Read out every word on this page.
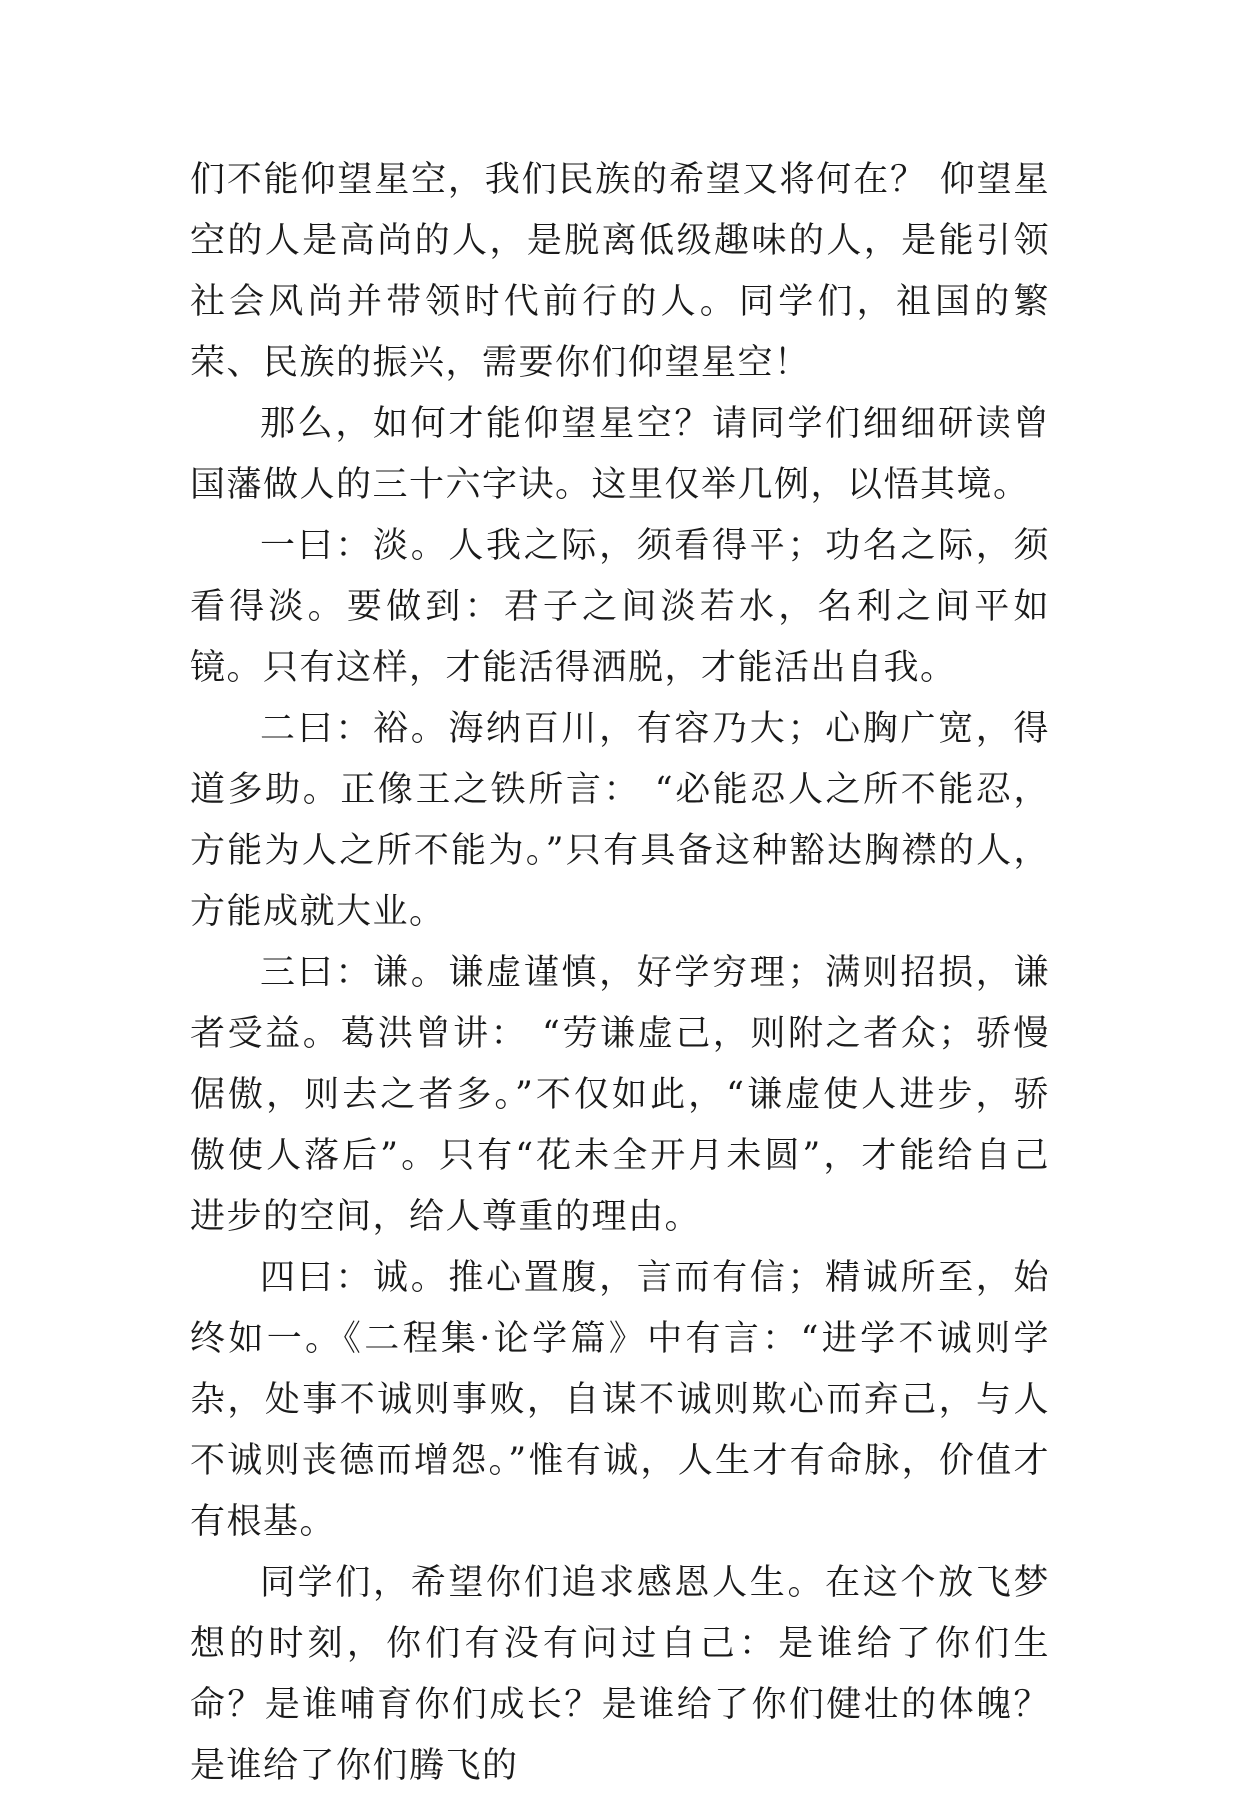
们不能仰望星空，我们民族的希望又将何在？ 仰望星空的人是高尚的人，是脱离低级趣味的人，是能引领社会风尚并带领时代前行的人。同学们，祖国的繁荣、民族的振兴，需要你们仰望星空！

那么，如何才能仰望星空？请同学们细细研读曾国藩做人的三十六字诀。这里仅举几例，以悟其境。

一曰：淡。人我之际，须看得平；功名之际，须看得淡。要做到：君子之间淡若水，名利之间平如镜。只有这样，才能活得洒脱，才能活出自我。

二曰：裕。海纳百川，有容乃大；心胸广宽，得道多助。正像王之铁所言： “必能忍人之所不能忍，方能为人之所不能为。”只有具备这种豁达胸襟的人，方能成就大业。

三曰：谦。谦虚谨慎，好学穷理；满则招损，谦者受益。葛洪曾讲： “劳谦虚己，则附之者众；骄慢倨傲，则去之者多。”不仅如此，“谦虚使人进步，骄傲使人落后”。只有“花未全开月未圆”，才能给自己进步的空间，给人尊重的理由。

四曰：诚。推心置腹，言而有信；精诚所至，始终如一。《二程集·论学篇》中有言：“进学不诚则学杂，处事不诚则事败，自谋不诚则欺心而弃己，与人不诚则丧德而增怨。”惟有诚，人生才有命脉，价值才有根基。

同学们，希望你们追求感恩人生。在这个放飞梦想的时刻，你们有没有问过自己：是谁给了你们生命？是谁哺育你们成长？是谁给了你们健壮的体魄？是谁给了你们腾飞的
